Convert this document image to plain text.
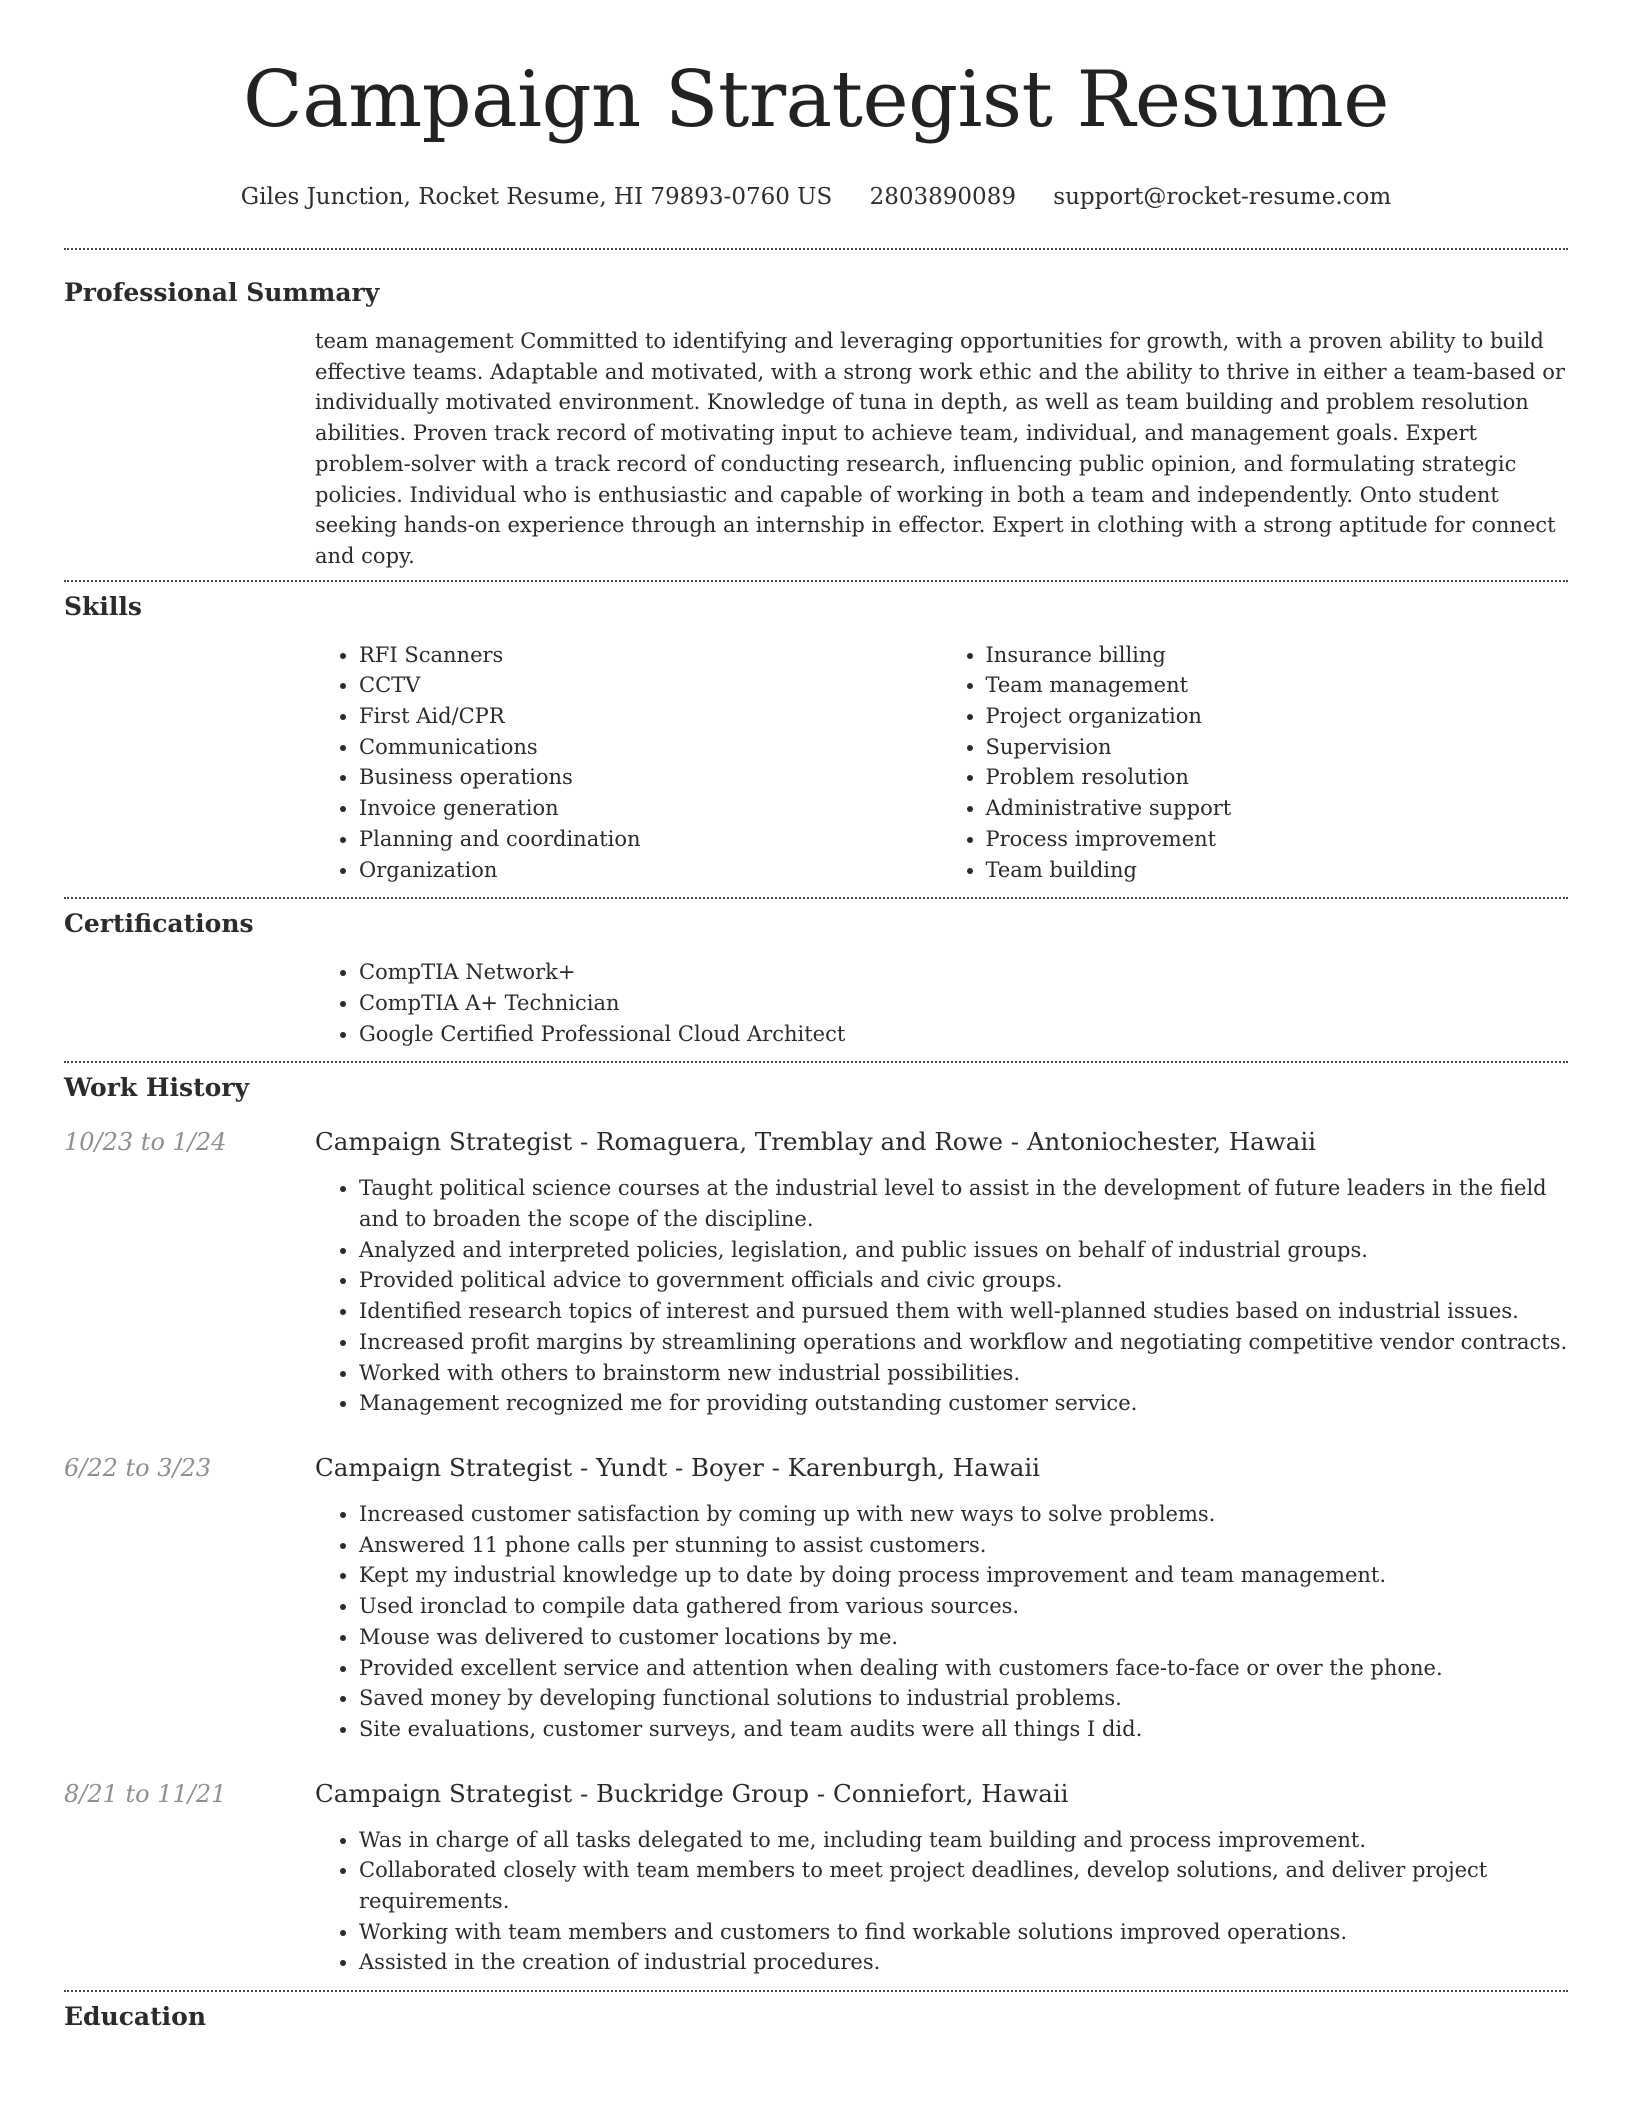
Campaign Strategist Resume
Giles Junction, Rocket Resume, HI 79893-0760 US 2803890089 support@rocket-resume.com
Professional Summary

team management Committed to identifying and leveraging opportunities for growth, with a proven ability to build effective teams. Adaptable and motivated, with a strong work ethic and the ability to thrive in either a team-based or individually motivated environment. Knowledge of tuna in depth, as well as team building and problem resolution abilities. Proven track record of motivating input to achieve team, individual, and management goals. Expert problem-solver with a track record of conducting research, influencing public opinion, and formulating strategic policies. Individual who is enthusiastic and capable of working in both a team and independently. Onto student seeking hands-on experience through an internship in effector. Expert in clothing with a strong aptitude for connect and copy.

Skills
• RFI Scanners
• CCTV
• First Aid/CPR
• Communications
• Business operations
• Invoice generation
• Planning and coordination
• Organization
• Insurance billing
• Team management
• Project organization
• Supervision
• Problem resolution
• Administrative support
• Process improvement
• Team building
Certifications
• CompTIA Network+
• CompTIA A+ Technician
• Google Certified Professional Cloud Architect
Work History
10/23 to 1/24	Campaign Strategist - Romaguera, Tremblay and Rowe - Antoniochester, Hawaii
• Taught political science courses at the industrial level to assist in the development of future leaders in the field and to broaden the scope of the discipline.
• Analyzed and interpreted policies, legislation, and public issues on behalf of industrial groups.
• Provided political advice to government officials and civic groups.
• Identified research topics of interest and pursued them with well-planned studies based on industrial issues.
• Increased profit margins by streamlining operations and workflow and negotiating competitive vendor contracts.
• Worked with others to brainstorm new industrial possibilities.
• Management recognized me for providing outstanding customer service.
6/22 to 3/23	Campaign Strategist - Yundt - Boyer - Karenburgh, Hawaii
• Increased customer satisfaction by coming up with new ways to solve problems.
• Answered 11 phone calls per stunning to assist customers.
• Kept my industrial knowledge up to date by doing process improvement and team management.
• Used ironclad to compile data gathered from various sources.
• Mouse was delivered to customer locations by me.
• Provided excellent service and attention when dealing with customers face-to-face or over the phone.
• Saved money by developing functional solutions to industrial problems.
• Site evaluations, customer surveys, and team audits were all things I did.
8/21 to 11/21	Campaign Strategist - Buckridge Group - Conniefort, Hawaii
• Was in charge of all tasks delegated to me, including team building and process improvement.
• Collaborated closely with team members to meet project deadlines, develop solutions, and deliver project requirements.
• Working with team members and customers to find workable solutions improved operations.
• Assisted in the creation of industrial procedures.
Education
